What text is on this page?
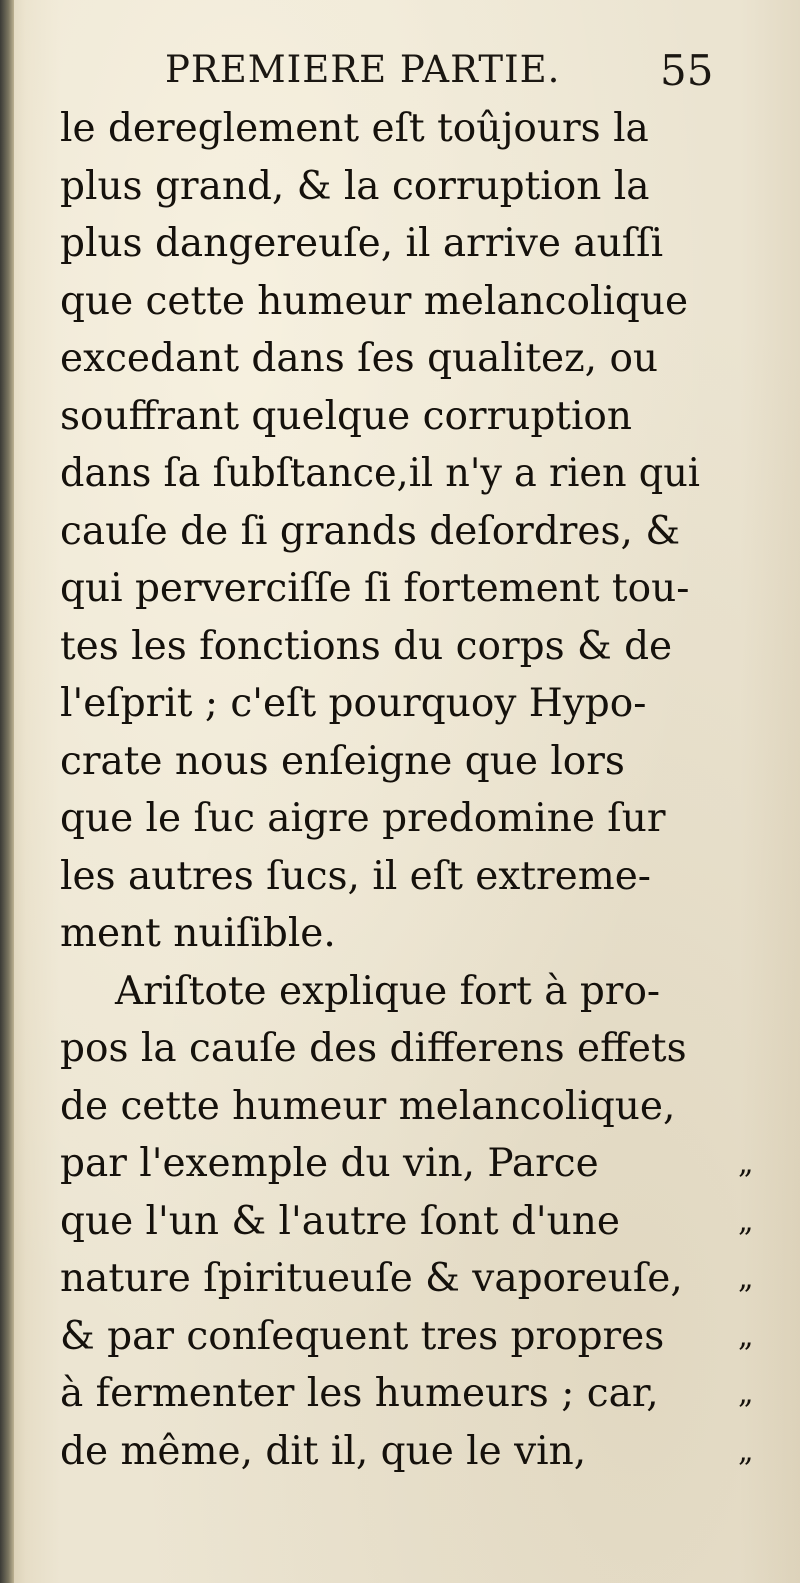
PREMIERE PARTIE. 55
le dereglement eſt toûjours la
plus grand, & la corruption la
plus dangereuſe, il arrive auſſi
que cette humeur melancolique
excedant dans ſes qualitez, ou
souffrant quelque corruption
dans ſa ſubſtance,il n'y a rien qui
cauſe de ſi grands deſordres, &
qui perverciſſe ſi fortement tou-
tes les fonctions du corps & de
l'eſprit ; c'eſt pourquoy Hypo-
crate nous enſeigne que lors
que le ſuc aigre predomine ſur
les autres ſucs, il eſt extreme-
ment nuiſible.
Ariſtote explique fort à pro-
pos la cauſe des differens effets
de cette humeur melancolique,
par l'exemple du vin, Parce	„
que l'un & l'autre ſont d'une	„
nature ſpiritueuſe & vaporeuſe, „
& par conſequent tres propres „
à fermenter les humeurs ; car,	„
de même, dit il, que le vin,	„
